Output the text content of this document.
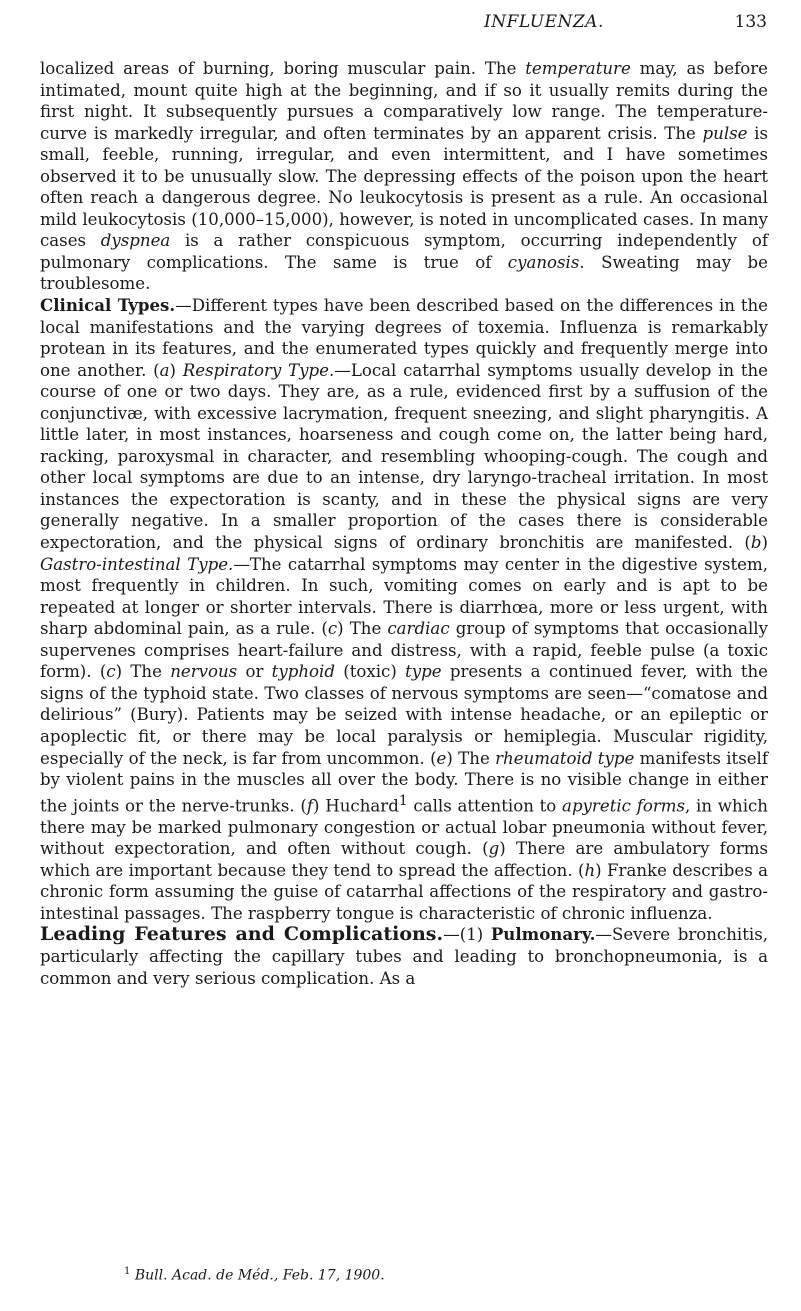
INFLUENZA.	133

localized areas of burning, boring muscular pain. The temperature may, as before intimated, mount quite high at the beginning, and if so it usually remits during the first night. It subsequently pursues a comparatively low range. The temperature-curve is markedly irregular, and often terminates by an apparent crisis. The pulse is small, feeble, running, irregular, and even intermittent, and I have sometimes observed it to be unusually slow. The depressing effects of the poison upon the heart often reach a dangerous degree. No leukocytosis is present as a rule. An occasional mild leukocytosis (10,000–15,000), however, is noted in uncomplicated cases. In many cases dyspnea is a rather conspicuous symptom, occurring independently of pulmonary complications. The same is true of cyanosis. Sweating may be troublesome.

Clinical Types.—Different types have been described based on the differences in the local manifestations and the varying degrees of toxemia. Influenza is remarkably protean in its features, and the enumerated types quickly and frequently merge into one another. (a) Respiratory Type.—Local catarrhal symptoms usually develop in the course of one or two days. They are, as a rule, evidenced first by a suffusion of the conjunctivæ, with excessive lacrymation, frequent sneezing, and slight pharyngitis. A little later, in most instances, hoarseness and cough come on, the latter being hard, racking, paroxysmal in character, and resembling whooping-cough. The cough and other local symptoms are due to an intense, dry laryngo-tracheal irritation. In most instances the expectoration is scanty, and in these the physical signs are very generally negative. In a smaller proportion of the cases there is considerable expectoration, and the physical signs of ordinary bronchitis are manifested. (b) Gastro-intestinal Type.—The catarrhal symptoms may center in the digestive system, most frequently in children. In such, vomiting comes on early and is apt to be repeated at longer or shorter intervals. There is diarrhœa, more or less urgent, with sharp abdominal pain, as a rule. (c) The cardiac group of symptoms that occasionally supervenes comprises heart-failure and distress, with a rapid, feeble pulse (a toxic form). (c) The nervous or typhoid (toxic) type presents a continued fever, with the signs of the typhoid state. Two classes of nervous symptoms are seen—“comatose and delirious” (Bury). Patients may be seized with intense headache, or an epileptic or apoplectic fit, or there may be local paralysis or hemiplegia. Muscular rigidity, especially of the neck, is far from uncommon. (e) The rheumatoid type manifests itself by violent pains in the muscles all over the body. There is no visible change in either the joints or the nerve-trunks. (f) Huchard$^1$ calls attention to apyretic forms, in which there may be marked pulmonary congestion or actual lobar pneumonia without fever, without expectoration, and often without cough. (g) There are ambulatory forms which are important because they tend to spread the affection. (h) Franke describes a chronic form assuming the guise of catarrhal affections of the respiratory and gastro-intestinal passages. The raspberry tongue is characteristic of chronic influenza.

Leading Features and Complications.—(1) Pulmonary.—Severe bronchitis, particularly affecting the capillary tubes and leading to bronchopneumonia, is a common and very serious complication. As a

$^1$ Bull. Acad. de Méd., Feb. 17, 1900.
